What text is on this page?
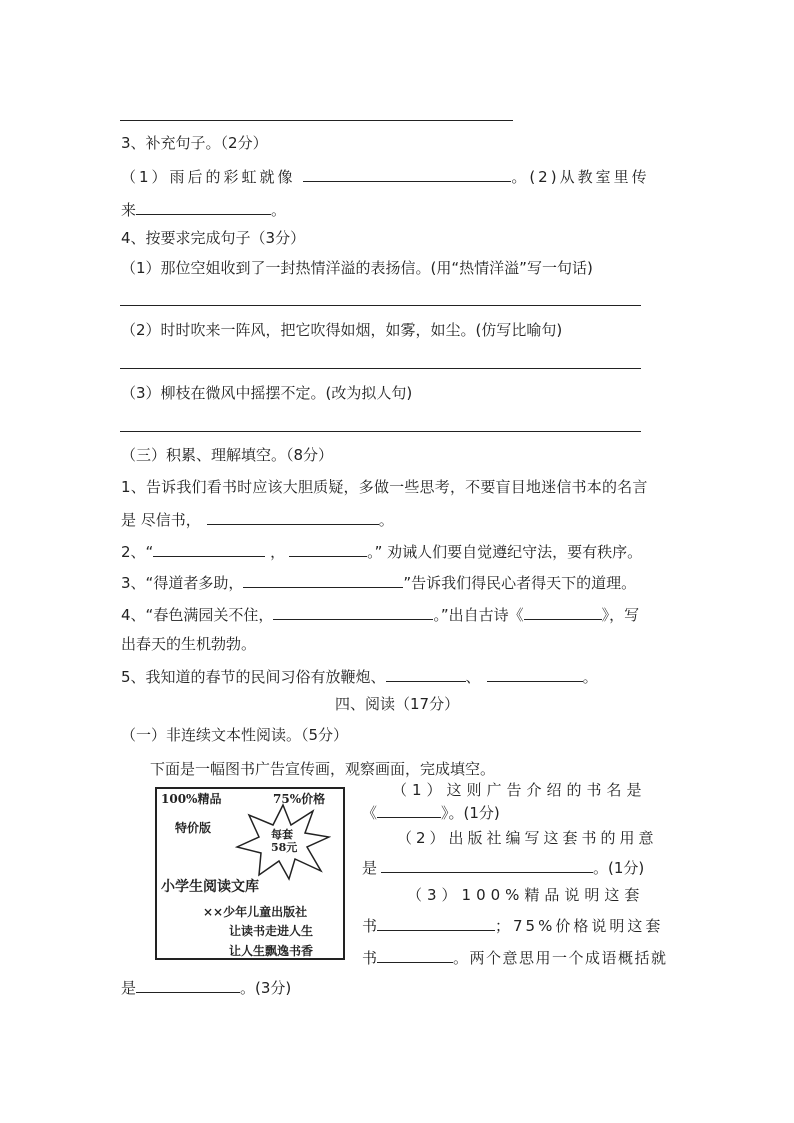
3、补充句子。（2分）
（1）雨后的彩虹就像	。(2)从教室里传
来	。
4、按要求完成句子（3分）
（1）那位空姐收到了一封热情洋溢的表扬信。(用“热情洋溢”写一句话)
（2）时时吹来一阵风，把它吹得如烟，如雾，如尘。(仿写比喻句)
（3）柳枝在微风中摇摆不定。(改为拟人句)
（三）积累、理解填空。（8分）
1、告诉我们看书时应该大胆质疑，多做一些思考，不要盲目地迷信书本的名言
是 尽信书，	。
2、“	，	。” 劝诫人们要自觉遵纪守法，要有秩序。
3、“得道者多助，	”告诉我们得民心者得天下的道理。
4、“春色满园关不住，	。”出自古诗《	》，写
出春天的生机勃勃。
5、我知道的春节的民间习俗有放鞭炮、	、	。
四、阅读（17分）
（一）非连续文本性阅读。（5分）
下面是一幅图书广告宣传画，观察画面，完成填空。
100%精品	75%价格
特价版	每套
58元
小学生阅读文库
××少年儿童出版社
让读书走进人生
让人生飘逸书香
（1）这则广告介绍的书名是
《	》。(1分)
（2）出版社编写这套书的用意
是	。(1分)
（3）100%精品说明这套
书	；75%价格说明这套
书	。两个意思用一个成语概括就
是	。(3分)
